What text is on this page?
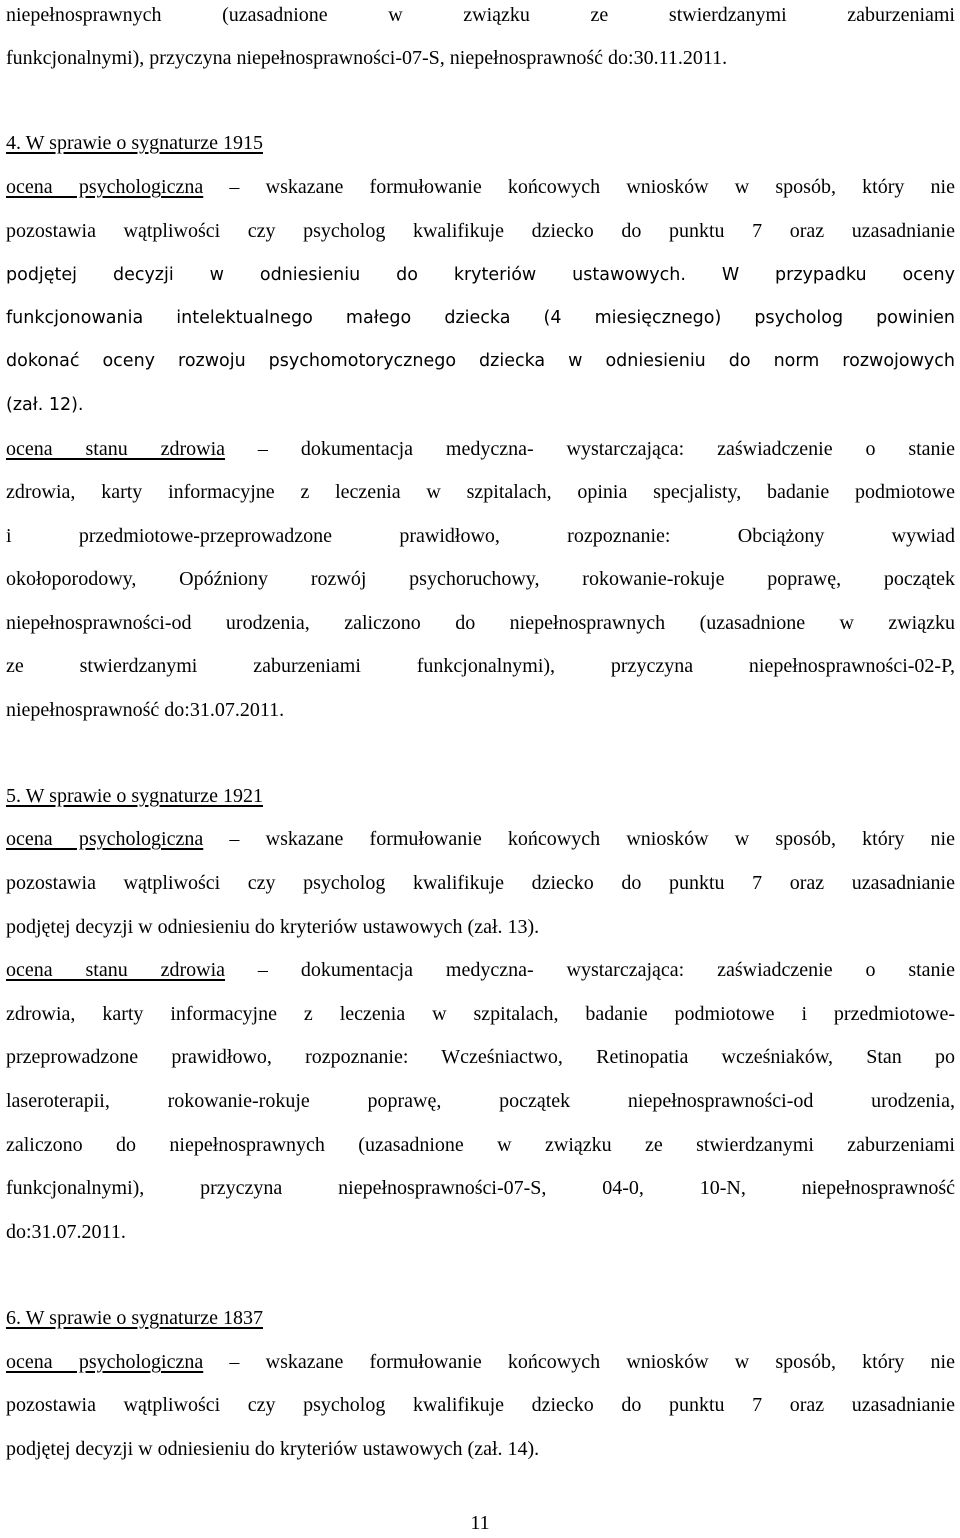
niepełnosprawnych (uzasadnione w związku ze stwierdzanymi zaburzeniami
funkcjonalnymi), przyczyna niepełnosprawności-07-S, niepełnosprawność do:30.11.2011.
4. W sprawie o sygnaturze 1915
ocena psychologiczna – wskazane formułowanie końcowych wniosków w sposób, który nie
pozostawia wątpliwości czy psycholog kwalifikuje dziecko do punktu 7 oraz uzasadnianie
podjętej decyzji w odniesieniu do kryteriów ustawowych. W przypadku oceny
funkcjonowania intelektualnego małego dziecka (4 miesięcznego) psycholog powinien
dokonać oceny rozwoju psychomotorycznego dziecka w odniesieniu do norm rozwojowych
(zał. 12).
ocena stanu zdrowia – dokumentacja medyczna- wystarczająca: zaświadczenie o stanie
zdrowia, karty informacyjne z leczenia w szpitalach, opinia specjalisty, badanie podmiotowe
i przedmiotowe-przeprowadzone prawidłowo, rozpoznanie: Obciążony wywiad
okołoporodowy, Opóźniony rozwój psychoruchowy, rokowanie-rokuje poprawę, początek
niepełnosprawności-od urodzenia, zaliczono do niepełnosprawnych (uzasadnione w związku
ze stwierdzanymi zaburzeniami funkcjonalnymi), przyczyna niepełnosprawności-02-P,
niepełnosprawność do:31.07.2011.
5. W sprawie o sygnaturze 1921
ocena psychologiczna – wskazane formułowanie końcowych wniosków w sposób, który nie
pozostawia wątpliwości czy psycholog kwalifikuje dziecko do punktu 7 oraz uzasadnianie
podjętej decyzji w odniesieniu do kryteriów ustawowych (zał. 13).
ocena stanu zdrowia – dokumentacja medyczna- wystarczająca: zaświadczenie o stanie
zdrowia, karty informacyjne z leczenia w szpitalach, badanie podmiotowe i przedmiotowe-
przeprowadzone prawidłowo, rozpoznanie: Wcześniactwo, Retinopatia wcześniaków, Stan po
laseroterapii, rokowanie-rokuje poprawę, początek niepełnosprawności-od urodzenia,
zaliczono do niepełnosprawnych (uzasadnione w związku ze stwierdzanymi zaburzeniami
funkcjonalnymi), przyczyna niepełnosprawności-07-S, 04-0, 10-N, niepełnosprawność
do:31.07.2011.
6. W sprawie o sygnaturze 1837
ocena psychologiczna – wskazane formułowanie końcowych wniosków w sposób, który nie
pozostawia wątpliwości czy psycholog kwalifikuje dziecko do punktu 7 oraz uzasadnianie
podjętej decyzji w odniesieniu do kryteriów ustawowych (zał. 14).
11
